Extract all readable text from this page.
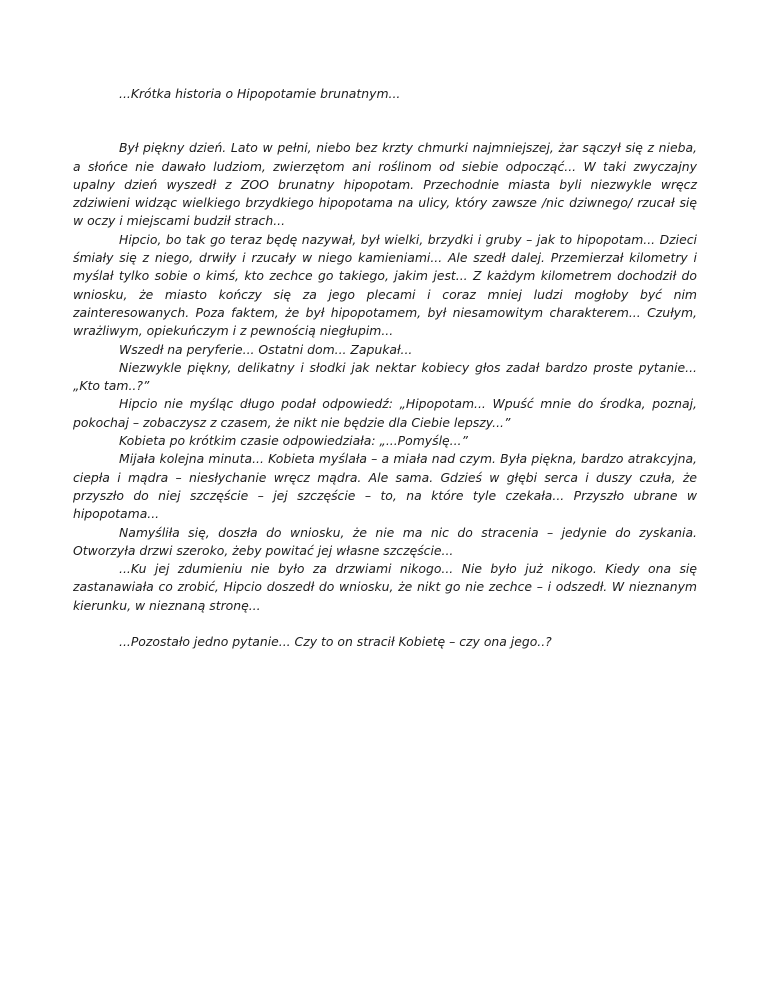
...Krótka historia o Hipopotamie brunatnym...

Był piękny dzień. Lato w pełni, niebo bez krzty chmurki najmniejszej, żar sączył się z nieba, a słońce nie dawało ludziom, zwierzętom ani roślinom od siebie odpocząć... W taki zwyczajny upalny dzień wyszedł z ZOO brunatny hipopotam. Przechodnie miasta byli niezwykle wręcz zdziwieni widząc wielkiego brzydkiego hipopotama na ulicy, który zawsze /nic dziwnego/ rzucał się w oczy i miejscami budził strach...

Hipcio, bo tak go teraz będę nazywał, był wielki, brzydki i gruby – jak to hipopotam... Dzieci śmiały się z niego, drwiły i rzucały w niego kamieniami... Ale szedł dalej. Przemierzał kilometry i myślał tylko sobie o kimś, kto zechce go takiego, jakim jest... Z każdym kilometrem dochodził do wniosku, że miasto kończy się za jego plecami i coraz mniej ludzi mogłoby być nim zainteresowanych. Poza faktem, że był hipopotamem, był niesamowitym charakterem... Czułym, wrażliwym, opiekuńczym i z pewnością niegłupim...

Wszedł na peryferie... Ostatni dom... Zapukał...

Niezwykle piękny, delikatny i słodki jak nektar kobiecy głos zadał bardzo proste pytanie... „Kto tam..?”

Hipcio nie myśląc długo podał odpowiedź: „Hipopotam... Wpuść mnie do środka, poznaj, pokochaj – zobaczysz z czasem, że nikt nie będzie dla Ciebie lepszy...”

Kobieta po krótkim czasie odpowiedziała: „...Pomyślę...”

Mijała kolejna minuta... Kobieta myślała – a miała nad czym. Była piękna, bardzo atrakcyjna, ciepła i mądra – niesłychanie wręcz mądra. Ale sama. Gdzieś w głębi serca i duszy czuła, że przyszło do niej szczęście – jej szczęście – to, na które tyle czekała... Przyszło ubrane w hipopotama...

Namyśliła się, doszła do wniosku, że nie ma nic do stracenia – jedynie do zyskania. Otworzyła drzwi szeroko, żeby powitać jej własne szczęście...

...Ku jej zdumieniu nie było za drzwiami nikogo... Nie było już nikogo. Kiedy ona się zastanawiała co zrobić, Hipcio doszedł do wniosku, że nikt go nie zechce – i odszedł. W nieznanym kierunku, w nieznaną stronę...

...Pozostało jedno pytanie... Czy to on stracił Kobietę – czy ona jego..?
